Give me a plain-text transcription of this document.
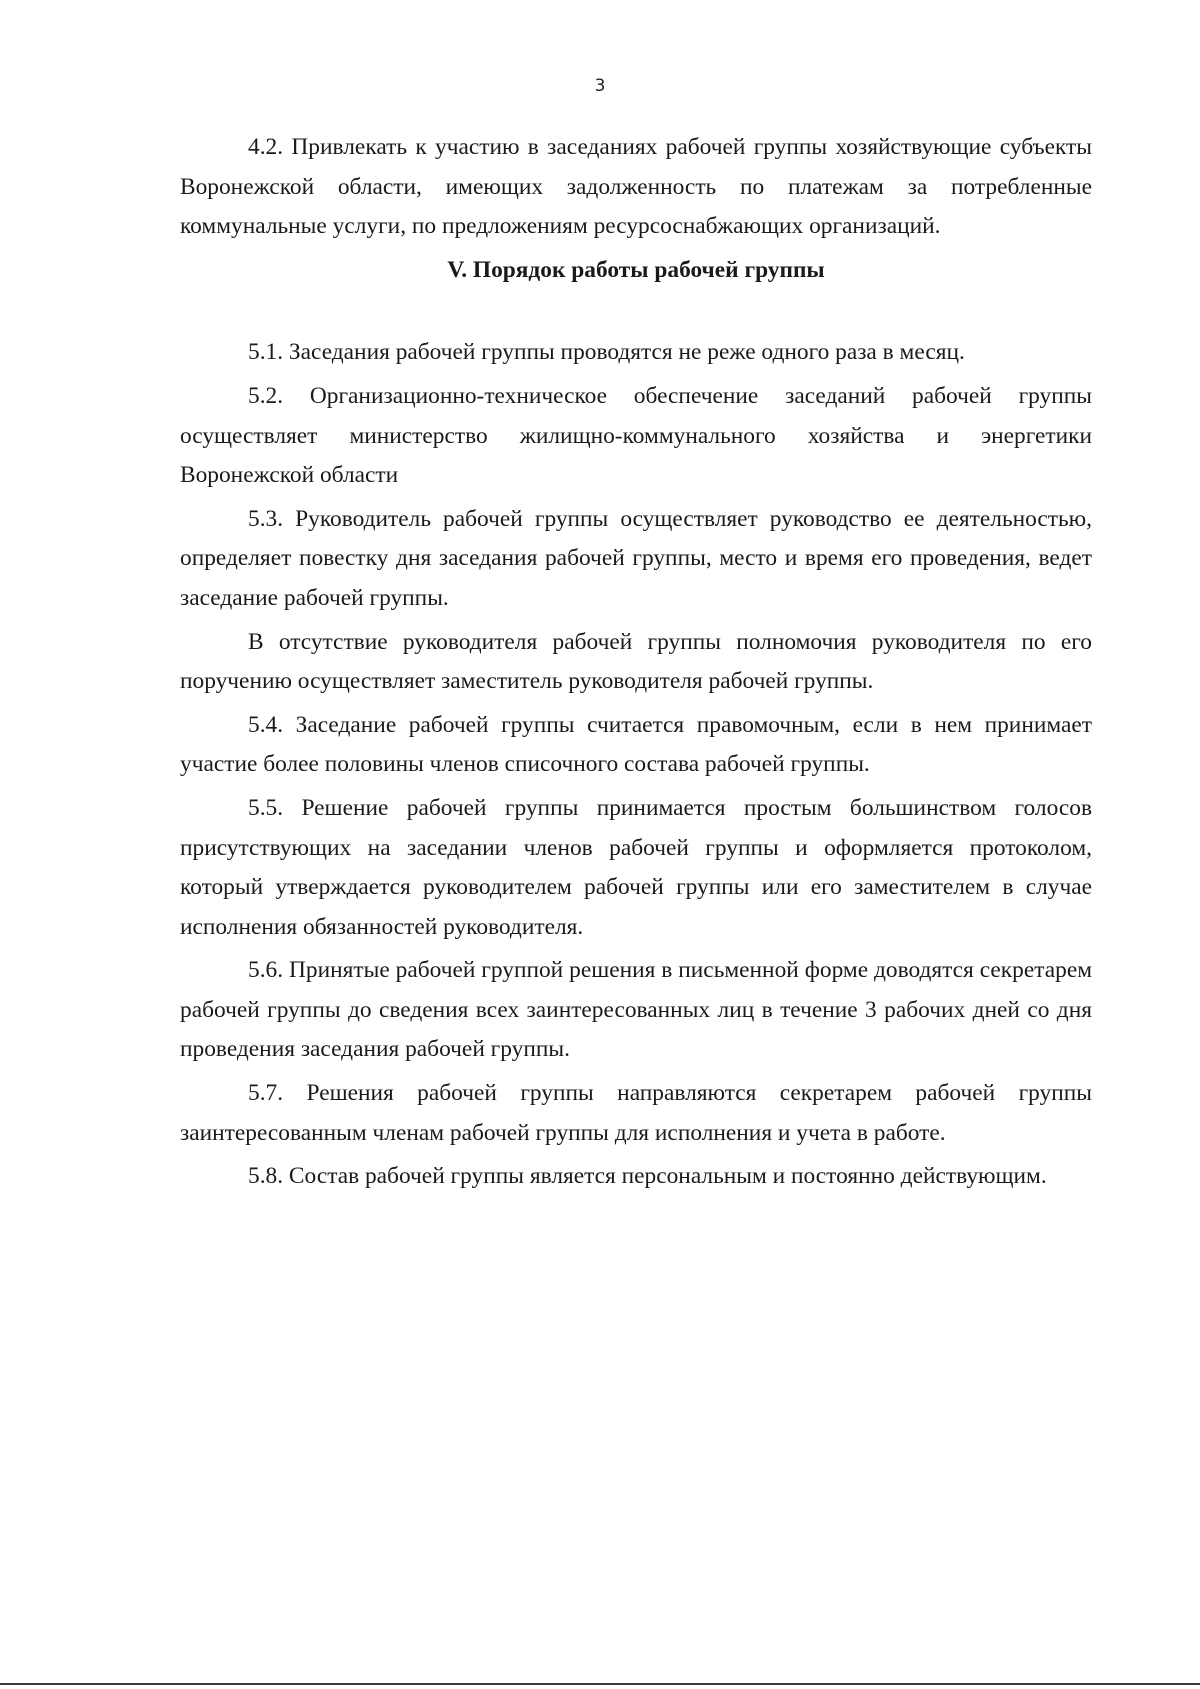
3

4.2. Привлекать к участию в заседаниях рабочей группы хозяйствующие субъекты Воронежской области, имеющих задолженность по платежам за потребленные коммунальные услуги, по предложениям ресурсоснабжающих организаций.

V. Порядок работы рабочей группы

5.1. Заседания рабочей группы проводятся не реже одного раза в месяц.

5.2. Организационно-техническое обеспечение заседаний рабочей группы осуществляет министерство жилищно-коммунального хозяйства и энергетики Воронежской области

5.3. Руководитель рабочей группы осуществляет руководство ее деятельностью, определяет повестку дня заседания рабочей группы, место и время его проведения, ведет заседание рабочей группы.

В отсутствие руководителя рабочей группы полномочия руководителя по его поручению осуществляет заместитель руководителя рабочей группы.

5.4. Заседание рабочей группы считается правомочным, если в нем принимает участие более половины членов списочного состава рабочей группы.

5.5. Решение рабочей группы принимается простым большинством голосов присутствующих на заседании членов рабочей группы и оформляется протоколом, который утверждается руководителем рабочей группы или его заместителем в случае исполнения обязанностей руководителя.

5.6. Принятые рабочей группой решения в письменной форме доводятся секретарем рабочей группы до сведения всех заинтересованных лиц в течение 3 рабочих дней со дня проведения заседания рабочей группы.

5.7. Решения рабочей группы направляются секретарем рабочей группы заинтересованным членам рабочей группы для исполнения и учета в работе.

5.8. Состав рабочей группы является персональным и постоянно действующим.
